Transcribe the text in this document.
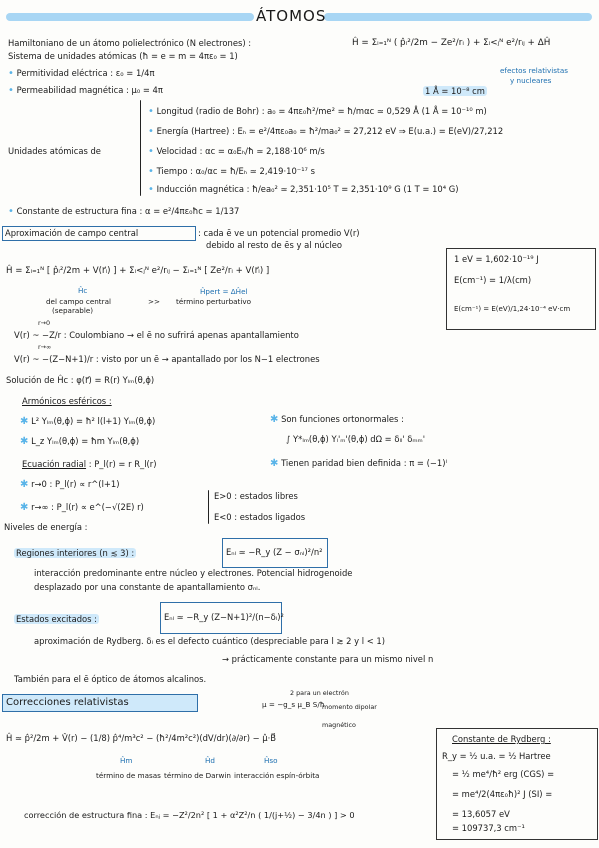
ÁTOMOS
Hamiltoniano de un átomo polielectrónico (N electrones) :	Ĥ = Σᵢ₌₁ᴺ ( p̂ᵢ²/2m − Ze²/rᵢ ) + Σᵢ<ⱼᴺ e²/rᵢⱼ + ΔĤ
Sistema de unidades atómicas (ħ = e = m = 4πε₀ = 1)
efectos relativistas
y nucleares
• Permitividad eléctrica : ε₀ = 1/4π
• Permeabilidad magnética : μ₀ = 4π	1 Å = 10⁻⁸ cm
Unidades atómicas de
• Longitud (radio de Bohr) : a₀ = 4πε₀ħ²/me² = ħ/mαc ≃ 0,529 Å (1 Å = 10⁻¹⁰ m)
• Energía (Hartree) : Eₕ = e²/4πε₀a₀ = ħ²/ma₀² ≃ 27,212 eV ⇒ E(u.a.) = E(eV)/27,212
• Velocidad : αc = α₀Eₕ/ħ ≃ 2,188·10⁶ m/s
• Tiempo : α₀/αc = ħ/Eₕ ≃ 2,419·10⁻¹⁷ s
• Inducción magnética : ħ/ea₀² ≃ 2,351·10⁵ T = 2,351·10⁹ G (1 T = 10⁴ G)
• Constante de estructura fina : α = e²/4πε₀ħc ≃ 1/137
Aproximación de campo central	: cada ē ve un potencial promedio V(r)
debido al resto de ēs y al núcleo
1 eV = 1,602·10⁻¹⁹ J
E(cm⁻¹) = 1/λ(cm)
E(cm⁻¹) = E(eV)/1,24·10⁻⁴ eV·cm
Ĥ = Σᵢ₌₁ᴺ [ p̂ᵢ²/2m + V(r⃗ᵢ) ] + Σᵢ<ⱼᴺ e²/rᵢⱼ − Σᵢ₌₁ᴺ [ Ze²/rᵢ + V(r⃗ᵢ) ]
Ĥc
del campo central
(separable)
>>
Ĥpert = ΔĤel
término perturbativo
r→0
V(r) ~ −Z/r : Coulombiano → el ē no sufrirá apenas apantallamiento
r→∞
V(r) ~ −(Z−N+1)/r : visto por un ē → apantallado por los N−1 electrones
Solución de Ĥc : φ(r⃗) = R(r) Yₗₘ(θ,ϕ)
Armónicos esféricos :
✱ L² Yₗₘ(θ,ϕ) = ħ² l(l+1) Yₗₘ(θ,ϕ)
✱ L_z Yₗₘ(θ,ϕ) = ħm Yₗₘ(θ,ϕ)
✱ Son funciones ortonormales :
∫ Y*ₗₘ(θ,ϕ) Yₗ'ₘ'(θ,ϕ) dΩ = δₗₗ' δₘₘ'
✱ Tienen paridad bien definida : π = (−1)ˡ
Ecuación radial : P_l(r) = r R_l(r)
✱ r→0 : P_l(r) ∝ r^(l+1)
✱ r→∞ : P_l(r) ∝ e^(−√(2E) r)
E>0 : estados libres
E<0 : estados ligados
Niveles de energía :
Regiones interiores (n ≲ 3) :	Eₙₗ ≃ −R_y (Z − σₙₗ)²/n²
interacción predominante entre núcleo y electrones. Potencial hidrogenoide
desplazado por una constante de apantallamiento σₙₗ.
Estados excitados :	Eₙₗ ≃ −R_y (Z−N+1)²/(n−δₗ)²
aproximación de Rydberg. δₗ es el defecto cuántico (despreciable para l ≳ 2 y l < 1)
→ prácticamente constante para un mismo nivel n
También para el ē óptico de átomos alcalinos.
Correcciones relativistas
2 para un electrón
μ = −g_s μ_B S/ħ
momento dipolar
magnético
Ĥ ≃ p̂²/2m + V̂(r) − (1/8) p̂⁴/m³c² − (ħ²/4m²c²)(dV/dr)(∂/∂r) − μ̂·B⃗
Ĥm	Ĥd	Ĥso
término de masas término de Darwin interacción espín-órbita
corrección de estructura fina : Eₙⱼ = −Z²/2n² [ 1 + α²Z²/n ( 1/(j+½) − 3/4n ) ] > 0
Constante de Rydberg :
R_y = ½ u.a. = ½ Hartree
= ½ me⁴/ħ² erg (CGS) =
= me⁴/2(4πε₀ħ)² J (SI) =
= 13,6057 eV
= 109737,3 cm⁻¹
